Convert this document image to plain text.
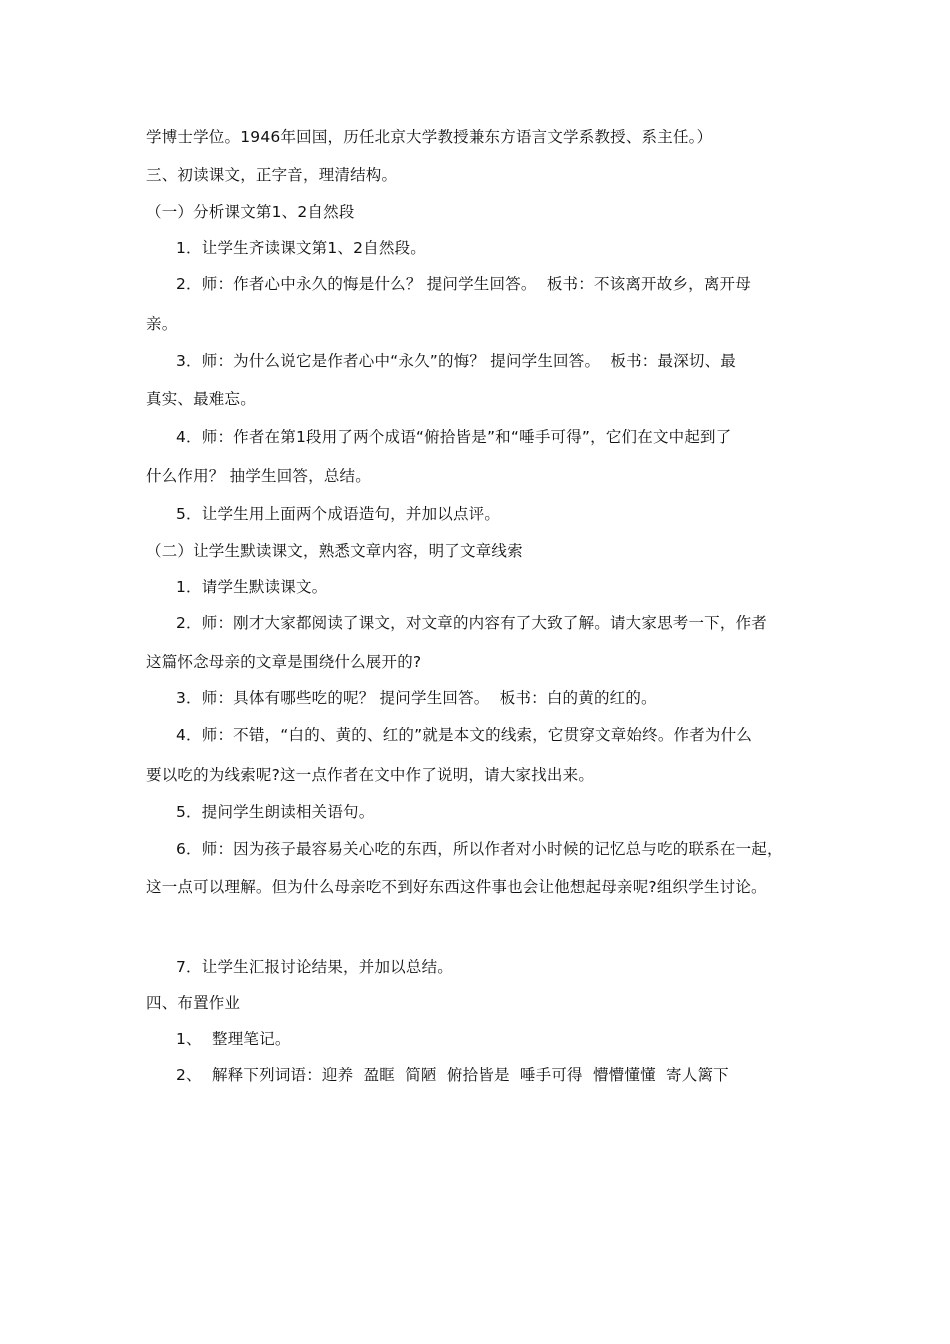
学博士学位。1946年回国，历任北京大学教授兼东方语言文学系教授、系主任。）
三、初读课文，正字音，理清结构。
（一）分析课文第1、2自然段
1．让学生齐读课文第1、2自然段。
2．师：作者心中永久的悔是什么？ 提问学生回答。  板书：不该离开故乡，离开母
亲。
3．师：为什么说它是作者心中“永久”的悔？ 提问学生回答。  板书：最深切、最
真实、最难忘。
4．师：作者在第1段用了两个成语“俯拾皆是”和“唾手可得”，它们在文中起到了
什么作用？ 抽学生回答，总结。
5．让学生用上面两个成语造句，并加以点评。
（二）让学生默读课文，熟悉文章内容，明了文章线索
1．请学生默读课文。
2．师：刚才大家都阅读了课文，对文章的内容有了大致了解。请大家思考一下，作者
这篇怀念母亲的文章是围绕什么展开的?
3．师：具体有哪些吃的呢？ 提问学生回答。  板书：白的黄的红的。
4．师：不错，“白的、黄的、红的”就是本文的线索，它贯穿文章始终。作者为什么
要以吃的为线索呢?这一点作者在文中作了说明，请大家找出来。
5．提问学生朗读相关语句。
6．师：因为孩子最容易关心吃的东西，所以作者对小时候的记忆总与吃的联系在一起，
这一点可以理解。但为什么母亲吃不到好东西这件事也会让他想起母亲呢?组织学生讨论。
7．让学生汇报讨论结果，并加以总结。
四、布置作业
1、  整理笔记。
2、  解释下列词语：迎养  盈眶  简陋  俯拾皆是  唾手可得  懵懵懂懂  寄人篱下
